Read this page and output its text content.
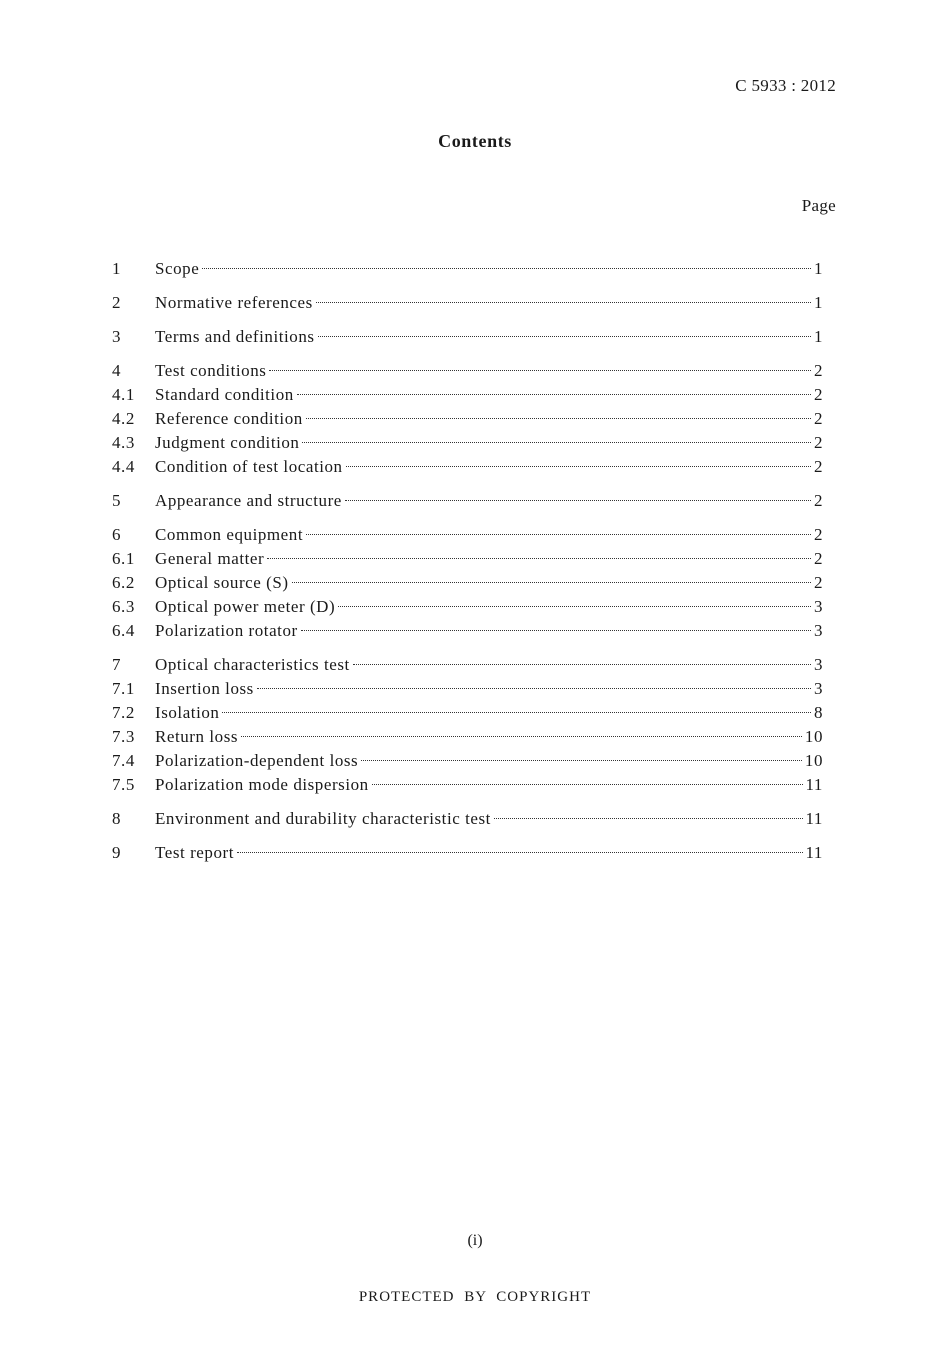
C 5933 : 2012
Contents
Page
1	Scope	1
2	Normative references	1
3	Terms and definitions	1
4	Test conditions	2
4.1	Standard condition	2
4.2	Reference condition	2
4.3	Judgment condition	2
4.4	Condition of test location	2
5	Appearance and structure	2
6	Common equipment	2
6.1	General matter	2
6.2	Optical source (S)	2
6.3	Optical power meter (D)	3
6.4	Polarization rotator	3
7	Optical characteristics test	3
7.1	Insertion loss	3
7.2	Isolation	8
7.3	Return loss	10
7.4	Polarization-dependent loss	10
7.5	Polarization mode dispersion	11
8	Environment and durability characteristic test	11
9	Test report	11
(i)
PROTECTED BY COPYRIGHT
